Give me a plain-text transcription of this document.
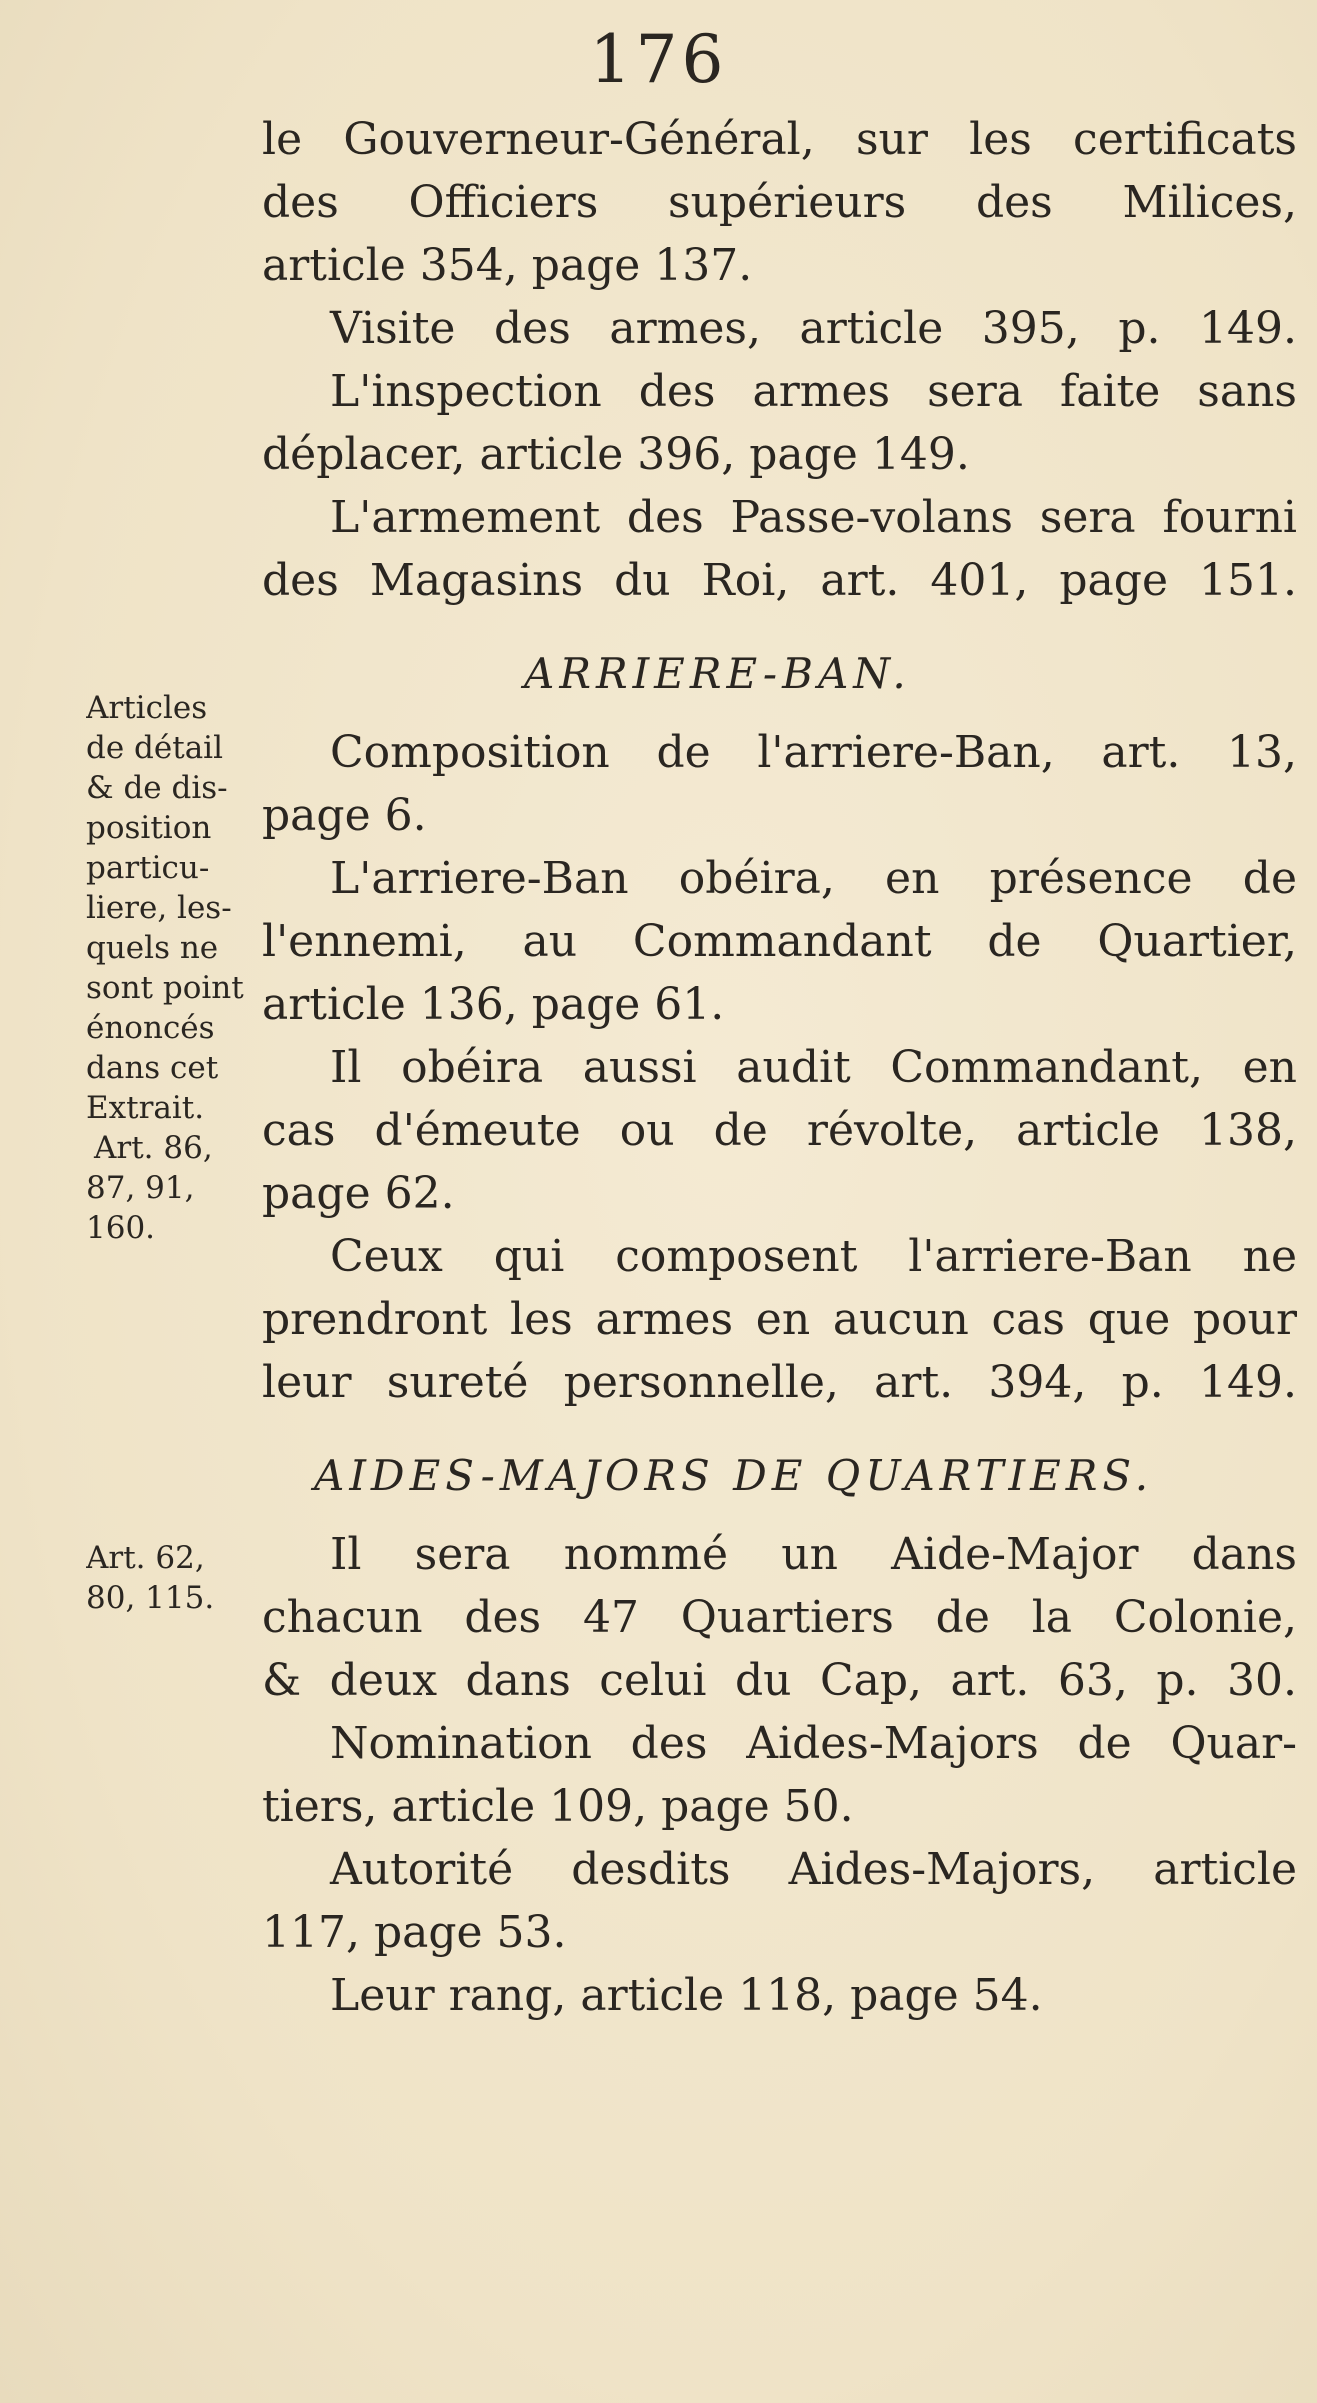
176
le Gouverneur-Général, sur les certificats
des Officiers supérieurs des Milices,
article 354, page 137.
Visite des armes, article 395, p. 149.
L'inspection des armes sera faite sans
déplacer, article 396, page 149.
L'armement des Passe-volans sera fourni
des Magasins du Roi, art. 401, page 151.
ARRIERE-BAN.
Composition de l'arriere-Ban, art. 13,
page 6.
L'arriere-Ban obéira, en présence de
l'ennemi, au Commandant de Quartier,
article 136, page 61.
Il obéira aussi audit Commandant, en
cas d'émeute ou de révolte, article 138,
page 62.
Ceux qui composent l'arriere-Ban ne
prendront les armes en aucun cas que pour
leur sureté personnelle, art. 394, p. 149.
AIDES-MAJORS DE QUARTIERS.
Il sera nommé un Aide-Major dans
chacun des 47 Quartiers de la Colonie,
& deux dans celui du Cap, art. 63, p. 30.
Nomination des Aides-Majors de Quar-
tiers, article 109, page 50.
Autorité desdits Aides-Majors, article
117, page 53.
Leur rang, article 118, page 54.
Articles
de détail
& de dis-
position
particu-
liere, les-
quels ne
sont point
énoncés
dans cet
Extrait.
Art. 86,
87, 91,
160.
Art. 62,
80, 115.
